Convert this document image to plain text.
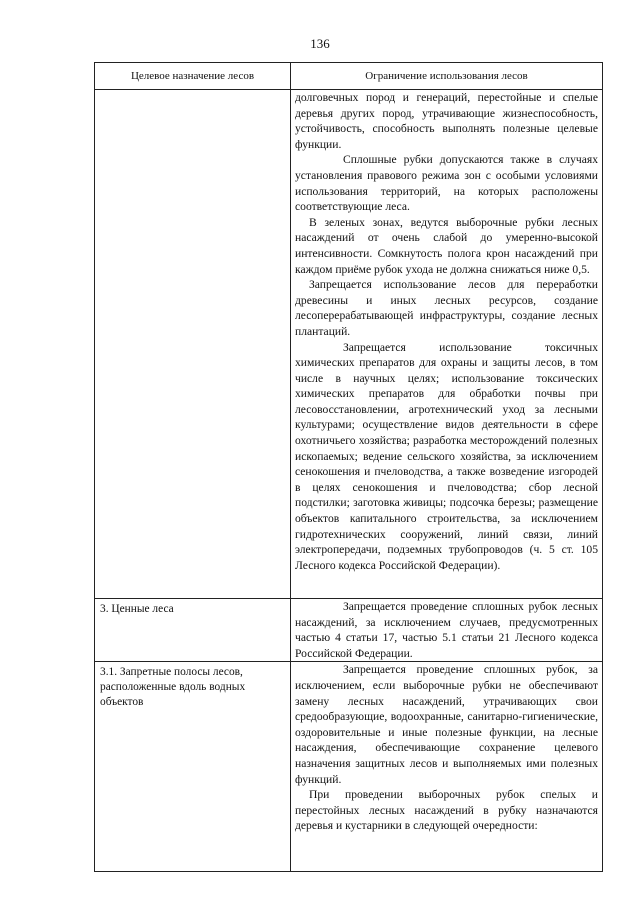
136
Целевое назначение лесов	Ограничение использования лесов

	долговечных пород и генераций, перестойные и спелые деревья других пород, утрачивающие жизнеспособность, устойчивость, способность выполнять полезные целевые функции.

Сплошные рубки допускаются также в случаях установления правового режима зон с особыми условиями использования территорий, на которых расположены соответствующие леса.

В зеленых зонах, ведутся выборочные рубки лесных насаждений от очень слабой до умеренно-высокой интенсивности. Сомкнутость полога крон насаждений при каждом приёме рубок ухода не должна снижаться ниже 0,5.

Запрещается использование лесов для переработки древесины и иных лесных ресурсов, создание лесоперерабатывающей инфраструктуры, создание лесных плантаций.

Запрещается использование токсичных химических препаратов для охраны и защиты лесов, в том числе в научных целях; использование токсических химических препаратов для обработки почвы при лесовосстановлении, агротехнический уход за лесными культурами; осуществление видов деятельности в сфере охотничьего хозяйства; разработка месторождений полезных ископаемых; ведение сельского хозяйства, за исключением сенокошения и пчеловодства, а также возведение изгородей в целях сенокошения и пчеловодства; сбор лесной подстилки; заготовка живицы; подсочка березы; размещение объектов капитального строительства, за исключением гидротехнических сооружений, линий связи, линий электропередачи, подземных трубопроводов (ч. 5 ст. 105 Лесного кодекса Российской Федерации).

3. Ценные леса	Запрещается проведение сплошных рубок лесных насаждений, за исключением случаев, предусмотренных частью 4 статьи 17, частью 5.1 статьи 21 Лесного кодекса Российской Федерации.

3.1. Запретные полосы лесов, расположенные вдоль водных объектов	Запрещается проведение сплошных рубок, за исключением, если выборочные рубки не обеспечивают замену лесных насаждений, утрачивающих свои средообразующие, водоохранные, санитарно-гигиенические, оздоровительные и иные полезные функции, на лесные насаждения, обеспечивающие сохранение целевого назначения защитных лесов и выполняемых ими полезных функций.

При проведении выборочных рубок спелых и перестойных лесных насаждений в рубку назначаются деревья и кустарники в следующей очередности:
